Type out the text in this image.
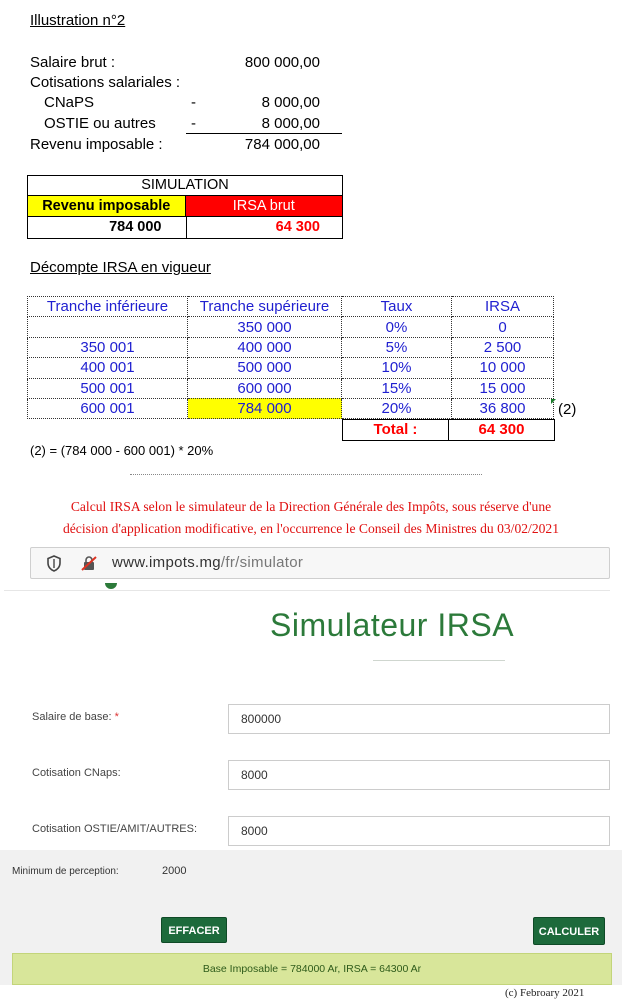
Illustration n°2
Salaire brut :	800 000,00
Cotisations salariales :
CNaPS	-	8 000,00
OSTIE ou autres -	8 000,00
Revenu imposable :	784 000,00
SIMULATION
Revenu imposable	IRSA brut
784 000	64 300
Décompte IRSA en vigueur
Tranche inférieure	Tranche supérieure	Taux	IRSA
	350 000	0%	0
350 001	400 000	5%	2 500
400 001	500 000	10%	10 000
500 001	600 000	15%	15 000
600 001	784 000	20%	36 800 (2)
Total :	64 300
(2) = (784 000 - 600 001) * 20%
Calcul IRSA selon le simulateur de la Direction Générale des Impôts, sous réserve d'une
décision d'application modificative, en l'occurrence le Conseil des Ministres du 03/02/2021
www.impots.mg/fr/simulator
Simulateur IRSA
Salaire de base: *	800000
Cotisation CNaps:	8000
Cotisation OSTIE/AMIT/AUTRES:	8000
Minimum de perception:	2000
EFFACER	CALCULER
Base Imposable = 784000 Ar, IRSA = 64300 Ar
(c) Febroary 2021
